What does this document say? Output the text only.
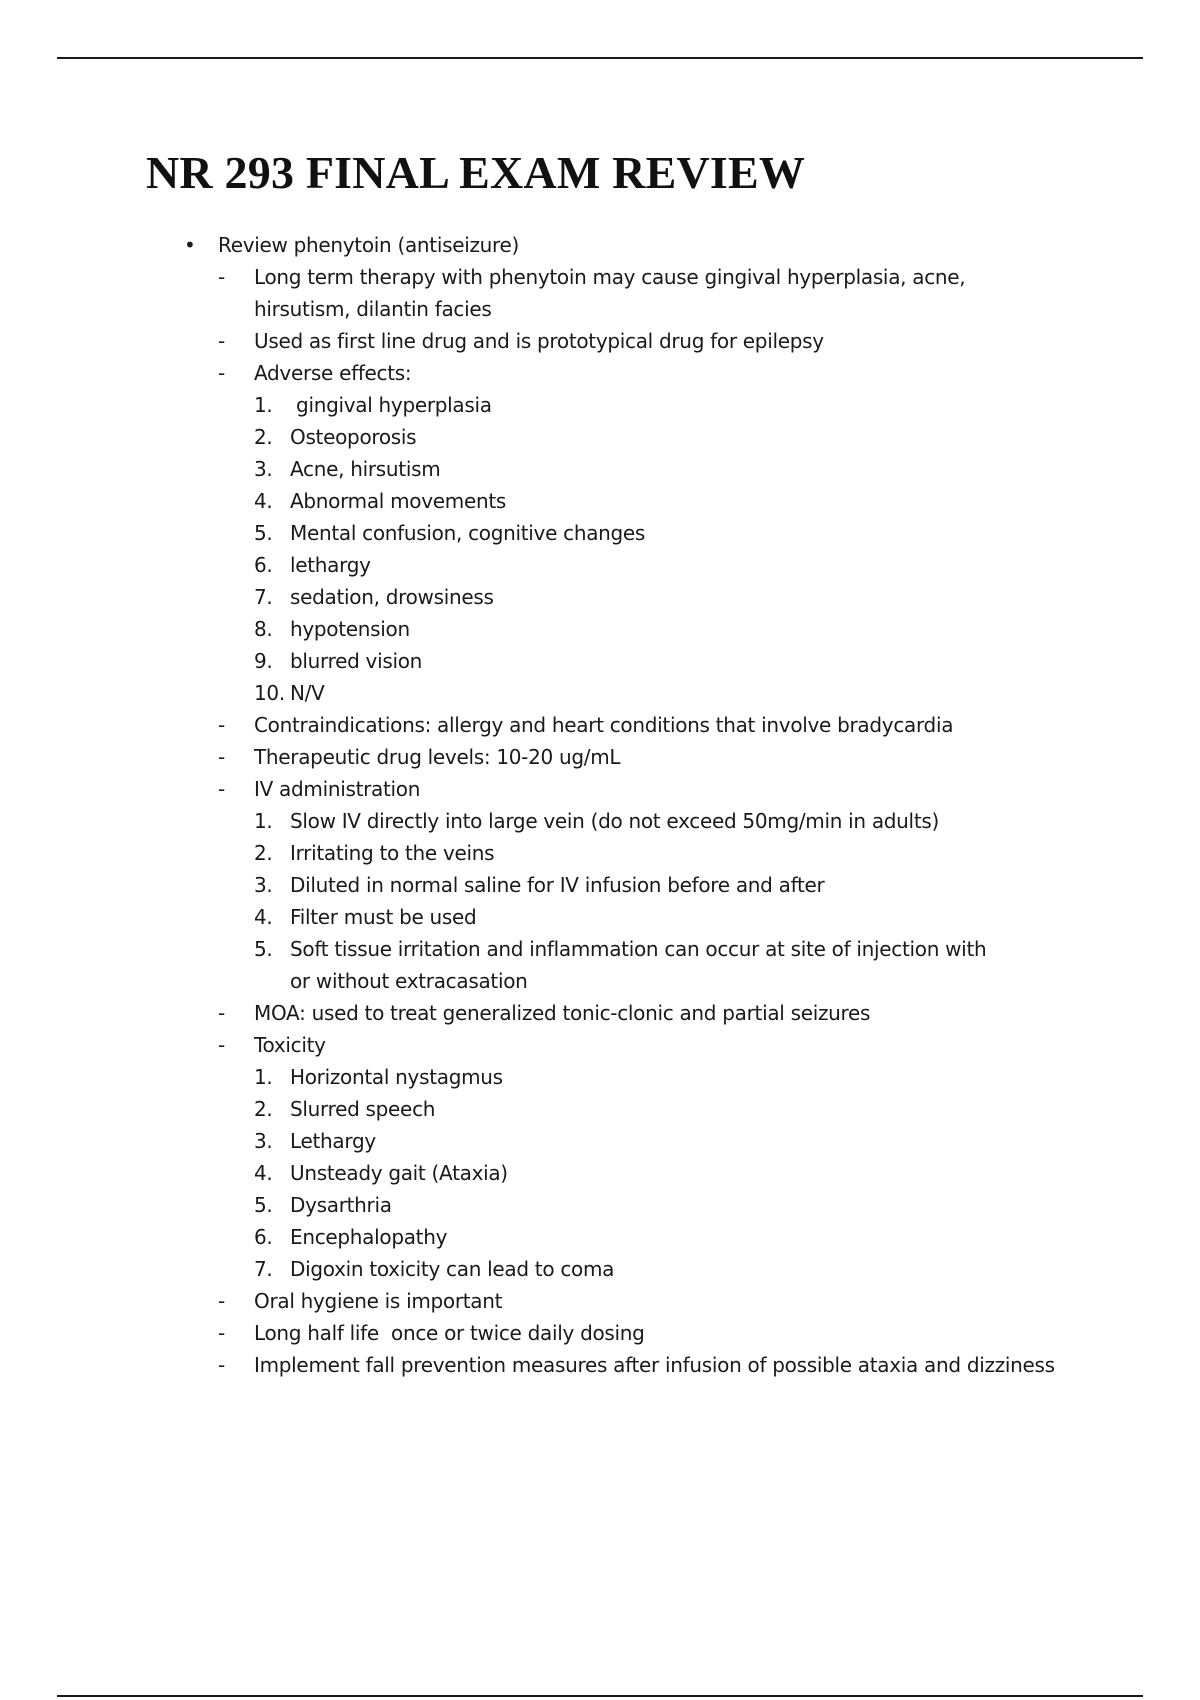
NR 293 FINAL EXAM REVIEW
• Review phenytoin (antiseizure)
- Long term therapy with phenytoin may cause gingival hyperplasia, acne, hirsutism, dilantin facies
- Used as first line drug and is prototypical drug for epilepsy
- Adverse effects:
1. gingival hyperplasia
2. Osteoporosis
3. Acne, hirsutism
4. Abnormal movements
5. Mental confusion, cognitive changes
6. lethargy
7. sedation, drowsiness
8. hypotension
9. blurred vision
10. N/V
- Contraindications: allergy and heart conditions that involve bradycardia
- Therapeutic drug levels: 10-20 ug/mL
- IV administration
1. Slow IV directly into large vein (do not exceed 50mg/min in adults)
2. Irritating to the veins
3. Diluted in normal saline for IV infusion before and after
4. Filter must be used
5. Soft tissue irritation and inflammation can occur at site of injection with or without extracasation
- MOA: used to treat generalized tonic-clonic and partial seizures
- Toxicity
1. Horizontal nystagmus
2. Slurred speech
3. Lethargy
4. Unsteady gait (Ataxia)
5. Dysarthria
6. Encephalopathy
7. Digoxin toxicity can lead to coma
- Oral hygiene is important
- Long half life  once or twice daily dosing
- Implement fall prevention measures after infusion of possible ataxia and dizziness
